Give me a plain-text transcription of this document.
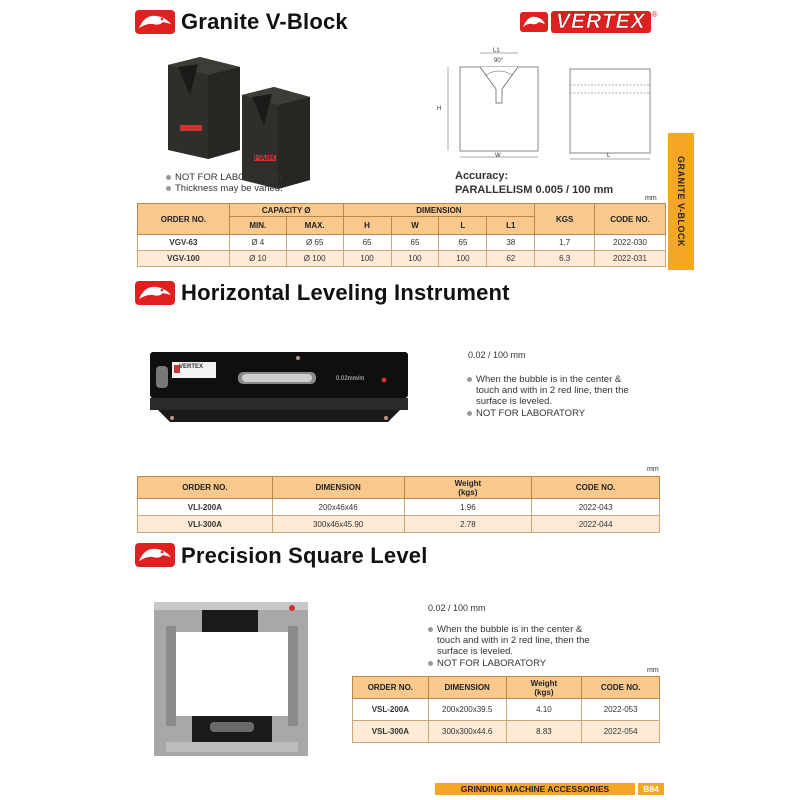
Granite V-Block	VERTEX ®
PAIR
NOT FOR LABORATORY
Thickness may be varied.
L1
90°
H
W	L
Accuracy:
PARALLELISM 0.005 / 100 mm
mm GRANITE V-BLOCK
ORDER NO.	CAPACITY Ø		DIMENSION				KGS	CODE NO.
	MIN.	MAX.	H	W	L	L1		
VGV-63	Ø 4	Ø 65	65	65	65	38	1.7	2022-030
VGV-100	Ø 10	Ø 100	100	100	100	62	6.3	2022-031
Horizontal Leveling Instrument
VERTEX
0.02mm/m
0.02 / 100 mm
When the bubble is in the center &
touch and with in 2 red line, then the
surface is leveled.
NOT FOR LABORATORY
mm
ORDER NO.	DIMENSION	Weight
(kgs)	CODE NO.
VLI-200A	200x46x46	1.96	2022-043
VLI-300A	300x46x45.90	2.78	2022-044
Precision Square Level
0.02 / 100 mm
When the bubble is in the center &
touch and with in 2 red line, then the
surface is leveled.
NOT FOR LABORATORY
mm
ORDER NO.	DIMENSION	Weight
(kgs)	CODE NO.
VSL-200A	200x200x39.5	4.10	2022-053
VSL-300A	300x300x44.6	8.83	2022-054
GRINDING MACHINE ACCESSORIES	B84
